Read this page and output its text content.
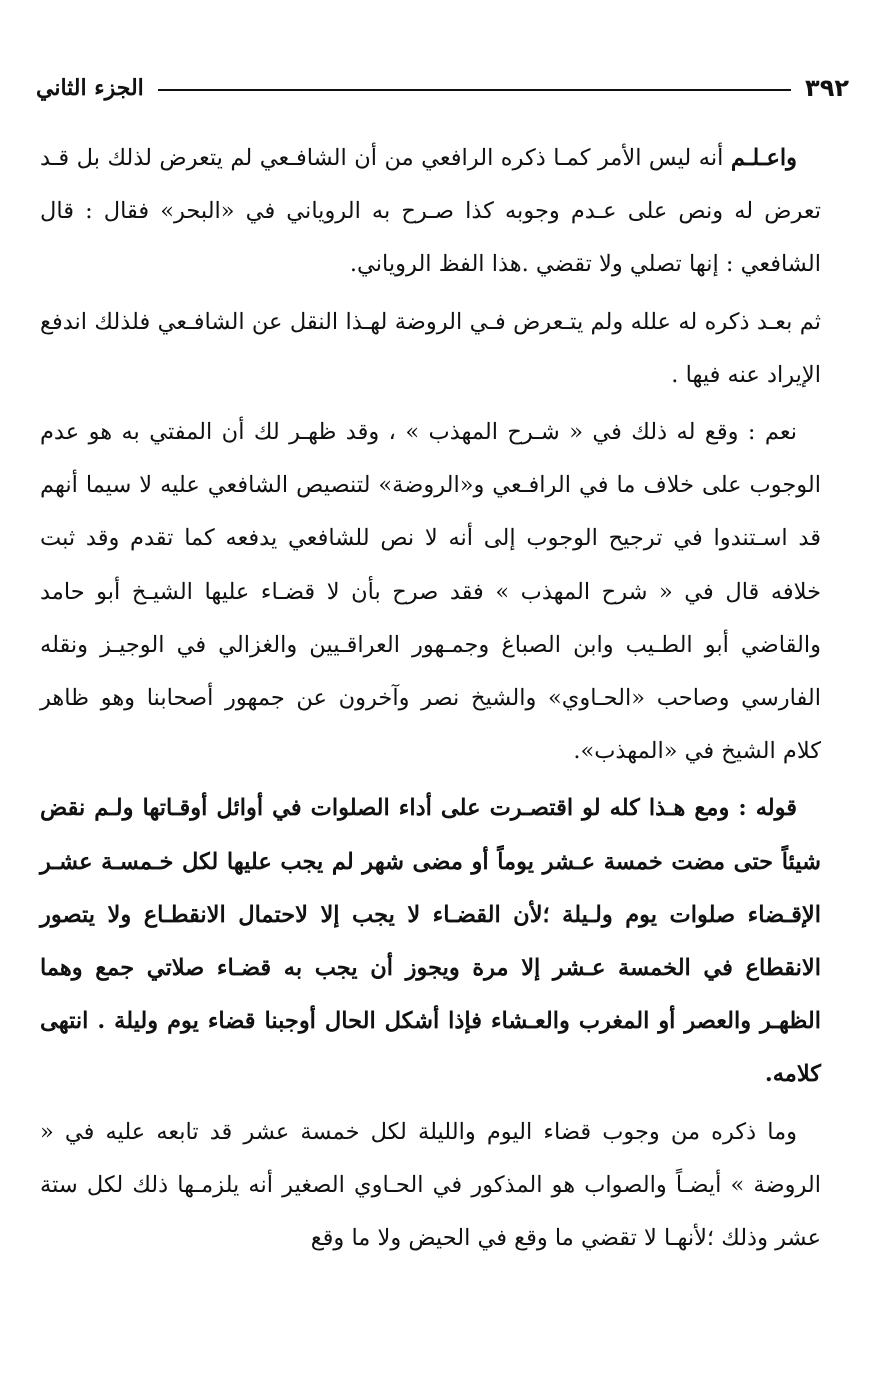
الجزء الثاني	٣٩٢

واعـلـم أنه ليس الأمر كمـا ذكره الرافعي من أن الشافـعي لم يتعرض لذلك بل قـد تعرض له ونص على عـدم وجوبه كذا صـرح به الروياني في «البحر» فقال : قال الشافعي : إنها تصلي ولا تقضي .هذا الفظ الروياني.

ثم بعـد ذكره له علله ولم يتـعرض فـي الروضة لهـذا النقل عن الشافـعي فلذلك اندفع الإيراد عنه فيها .

نعم : وقع له ذلك في « شـرح المهذب » ، وقد ظهـر لك أن المفتي به هو عدم الوجوب على خلاف ما في الرافـعي و«الروضة» لتنصيص الشافعي عليه لا سيما أنهم قد اسـتندوا في ترجيح الوجوب إلى أنه لا نص للشافعي يدفعه كما تقدم وقد ثبت خلافه قال في « شرح المهذب » فقد صرح بأن لا قضـاء عليها الشيـخ أبو حامد والقاضي أبو الطـيب وابن الصباغ وجمـهور العراقـيين والغزالي في الوجيـز ونقله الفارسي وصاحب «الحـاوي» والشيخ نصر وآخرون عن جمهور أصحابنا وهو ظاهر كلام الشيخ في «المهذب».

قوله : ومع هـذا كله لو اقتصـرت على أداء الصلوات في أوائل أوقـاتها ولـم نقض شيئاً حتى مضت خمسة عـشر يوماً أو مضى شهر لم يجب عليها لكل خـمسـة عشـر الإقـضاء صلوات يوم ولـيلة ؛لأن القضـاء لا يجب إلا لاحتمال الانقطـاع ولا يتصور الانقطاع في الخمسة عـشر إلا مرة ويجوز أن يجب به قضـاء صلاتي جمع وهما الظهـر والعصر أو المغرب والعـشاء فإذا أشكل الحال أوجبنا قضاء يوم وليلة . انتهى كلامه.

وما ذكره من وجوب قضاء اليوم والليلة لكل خمسة عشر قد تابعه عليه في « الروضة » أيضـاً والصواب هو المذكور في الحـاوي الصغير أنه يلزمـها ذلك لكل ستة عشر وذلك ؛لأنهـا لا تقضي ما وقع في الحيض ولا ما وقع
